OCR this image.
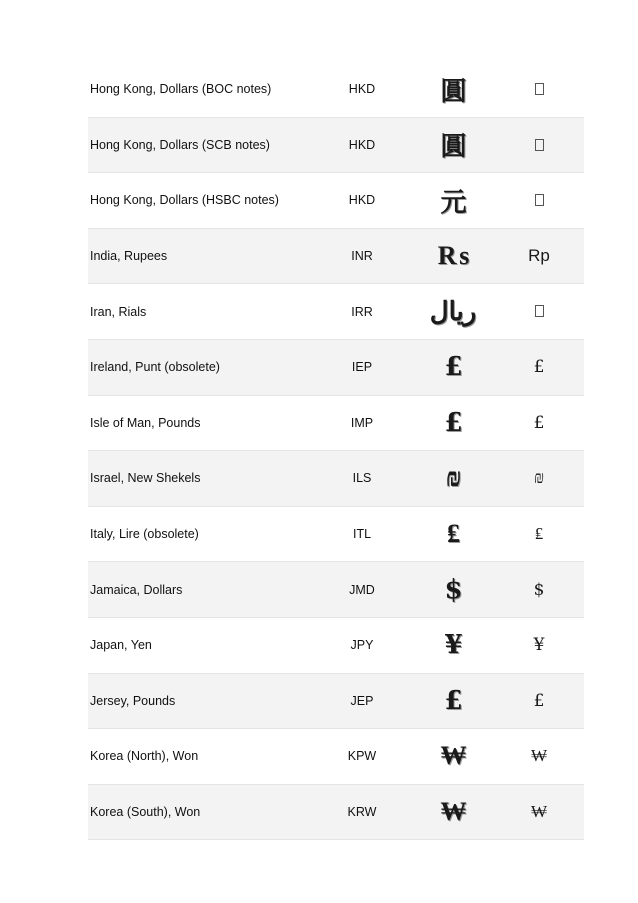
Hong Kong, Dollars (BOC notes)	HKD	圓	
Hong Kong, Dollars (SCB notes)	HKD	圓	
Hong Kong, Dollars (HSBC notes)	HKD	元	
India, Rupees	INR	₨	Rp
Iran, Rials	IRR	ریال	
Ireland, Punt (obsolete)	IEP	£	£
Isle of Man, Pounds	IMP	£	£
Israel, New Shekels	ILS	₪	₪
Italy, Lire (obsolete)	ITL	₤	₤
Jamaica, Dollars	JMD	$	$
Japan, Yen	JPY	¥	¥
Jersey, Pounds	JEP	£	£
Korea (North), Won	KPW	₩	₩
Korea (South), Won	KRW	₩	₩
